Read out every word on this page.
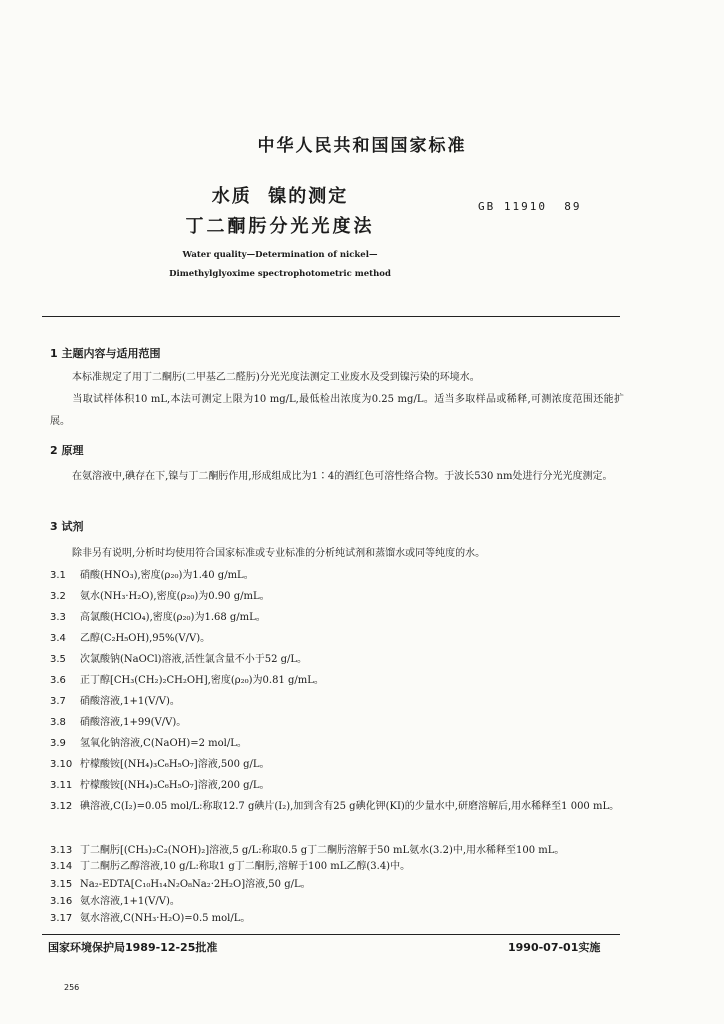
中华人民共和国国家标准
水质  镍的测定
丁二酮肟分光光度法
GB 11910  89
Water quality—Determination of nickel—
Dimethylglyoxime spectrophotometric method
1 主题内容与适用范围
本标准规定了用丁二酮肟(二甲基乙二醛肟)分光光度法测定工业废水及受到镍污染的环境水。
当取试样体积10 mL,本法可测定上限为10 mg/L,最低检出浓度为0.25 mg/L。适当多取样品或稀释,可测浓度范围还能扩展。
2 原理
在氨溶液中,碘存在下,镍与丁二酮肟作用,形成组成比为1∶4的酒红色可溶性络合物。于波长530 nm处进行分光光度测定。
3 试剂
除非另有说明,分析时均使用符合国家标准或专业标准的分析纯试剂和蒸馏水或同等纯度的水。
3.1 硝酸(HNO₃),密度(ρ₂₀)为1.40 g/mL。
3.2 氨水(NH₃·H₂O),密度(ρ₂₀)为0.90 g/mL。
3.3 高氯酸(HClO₄),密度(ρ₂₀)为1.68 g/mL。
3.4 乙醇(C₂H₅OH),95%(V/V)。
3.5 次氯酸钠(NaOCl)溶液,活性氯含量不小于52 g/L。
3.6 正丁醇[CH₃(CH₂)₂CH₂OH],密度(ρ₂₀)为0.81 g/mL。
3.7 硝酸溶液,1+1(V/V)。
3.8 硝酸溶液,1+99(V/V)。
3.9 氢氧化钠溶液,C(NaOH)=2 mol/L。
3.10 柠檬酸铵[(NH₄)₃C₆H₅O₇]溶液,500 g/L。
3.11 柠檬酸铵[(NH₄)₃C₆H₅O₇]溶液,200 g/L。
3.12 碘溶液,C(I₂)=0.05 mol/L:称取12.7 g碘片(I₂),加到含有25 g碘化钾(KI)的少量水中,研磨溶解后,用水稀释至1 000 mL。
3.13 丁二酮肟[(CH₃)₂C₂(NOH)₂]溶液,5 g/L:称取0.5 g丁二酮肟溶解于50 mL氨水(3.2)中,用水稀释至100 mL。
3.14 丁二酮肟乙醇溶液,10 g/L:称取1 g丁二酮肟,溶解于100 mL乙醇(3.4)中。
3.15 Na₂-EDTA[C₁₀H₁₄N₂O₈Na₂·2H₂O]溶液,50 g/L。
3.16 氨水溶液,1+1(V/V)。
国家环境保护局1989-12-25批准	1990-07-01实施
256
3.17 氨水溶液,C(NH₃·H₂O)=0.5 mol/L。
